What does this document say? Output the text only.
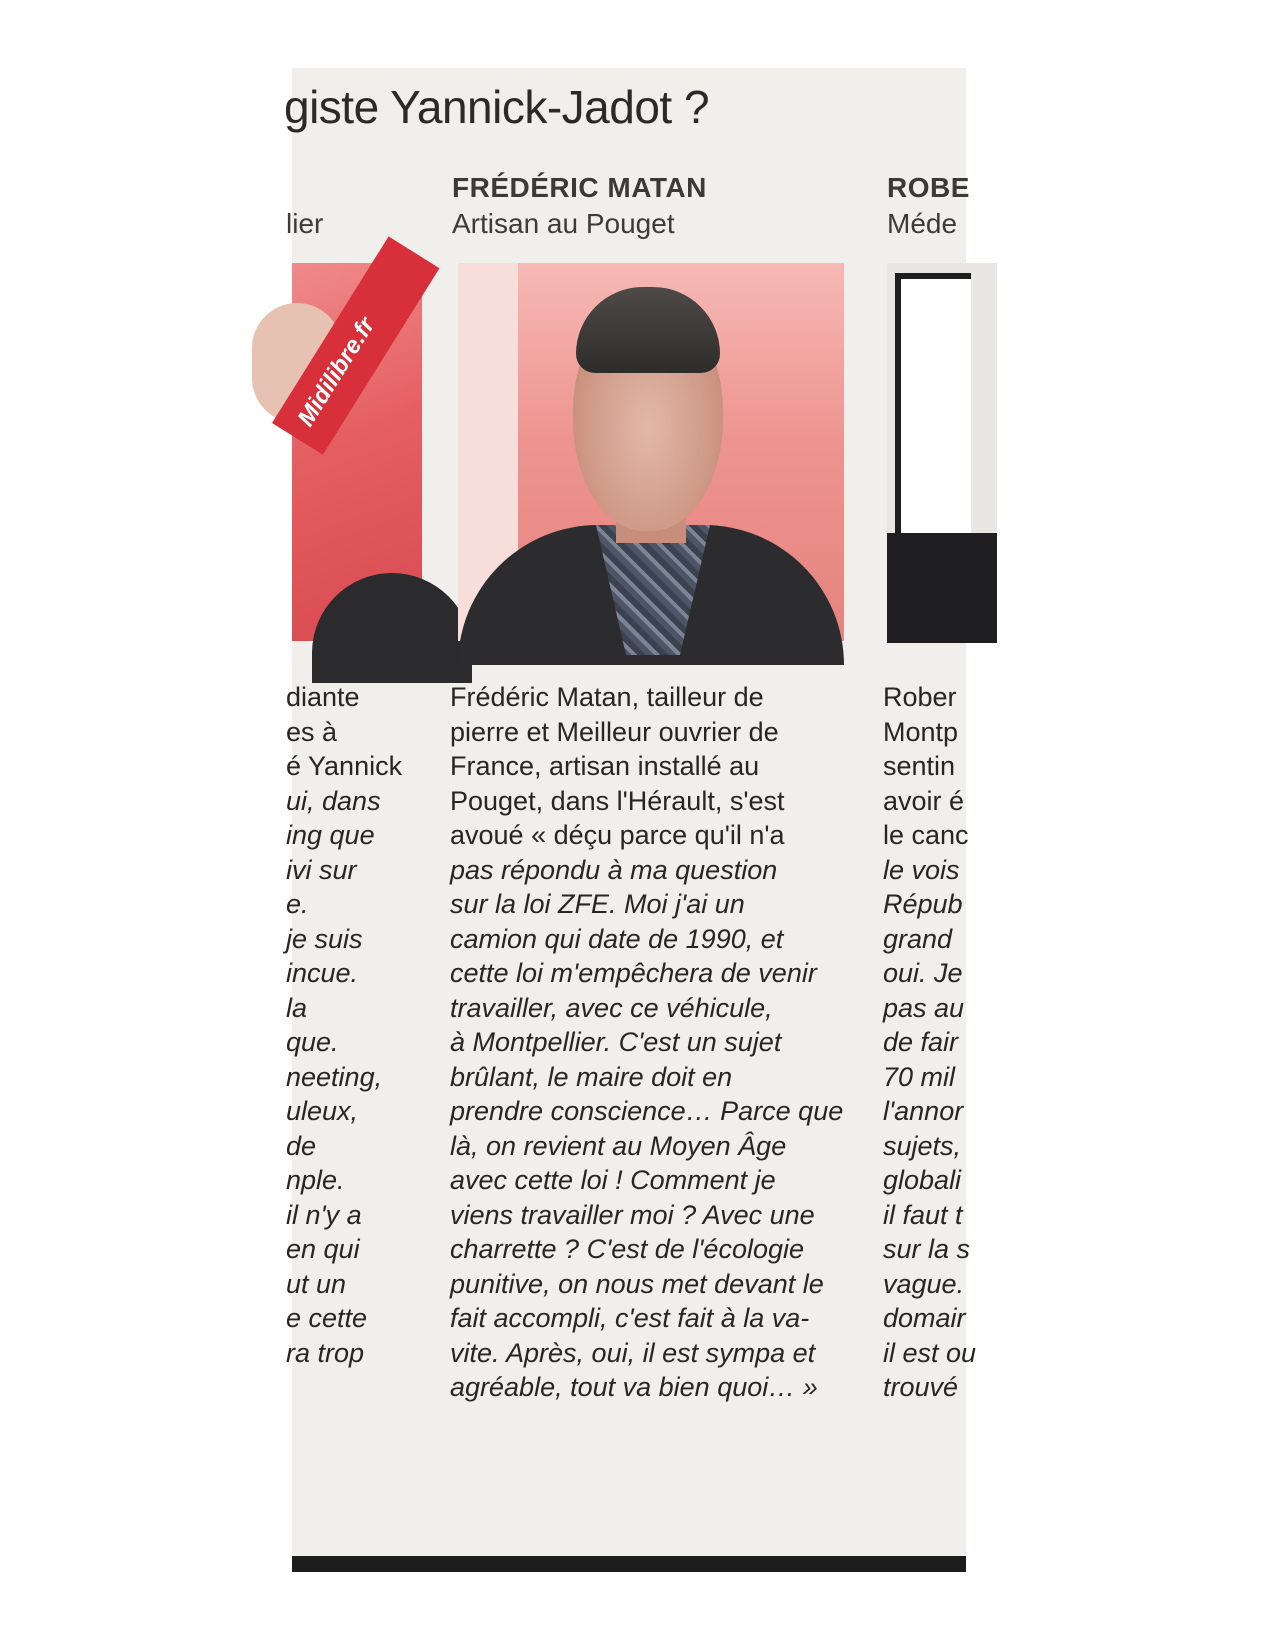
giste Yannick-Jadot ?
lier
Midilibre.fr
diante
es à
é Yannick
ui, dans
ing que
ivi sur
e.
je suis
incue.
la
que.
neeting,
uleux,
de
nple.
il n'y a
en qui
ut un
e cette
ra trop
FRÉDÉRIC MATAN
Artisan au Pouget
Frédéric Matan, tailleur de
pierre et Meilleur ouvrier de
France, artisan installé au
Pouget, dans l'Hérault, s'est
avoué « déçu parce qu'il n'a
pas répondu à ma question
sur la loi ZFE. Moi j'ai un
camion qui date de 1990, et
cette loi m'empêchera de venir
travailler, avec ce véhicule,
à Montpellier. C'est un sujet
brûlant, le maire doit en
prendre conscience… Parce que
là, on revient au Moyen Âge
avec cette loi ! Comment je
viens travailler moi ? Avec une
charrette ? C'est de l'écologie
punitive, on nous met devant le
fait accompli, c'est fait à la va-
vite. Après, oui, il est sympa et
agréable, tout va bien quoi… »
ROBE
Méde
Rober
Montp
sentin
avoir é
le canc
le vois
Répub
grand
oui. Je
pas au
de fair
70 mil
l'annor
sujets,
globali
il faut t
sur la s
vague.
domair
il est ou
trouvé
